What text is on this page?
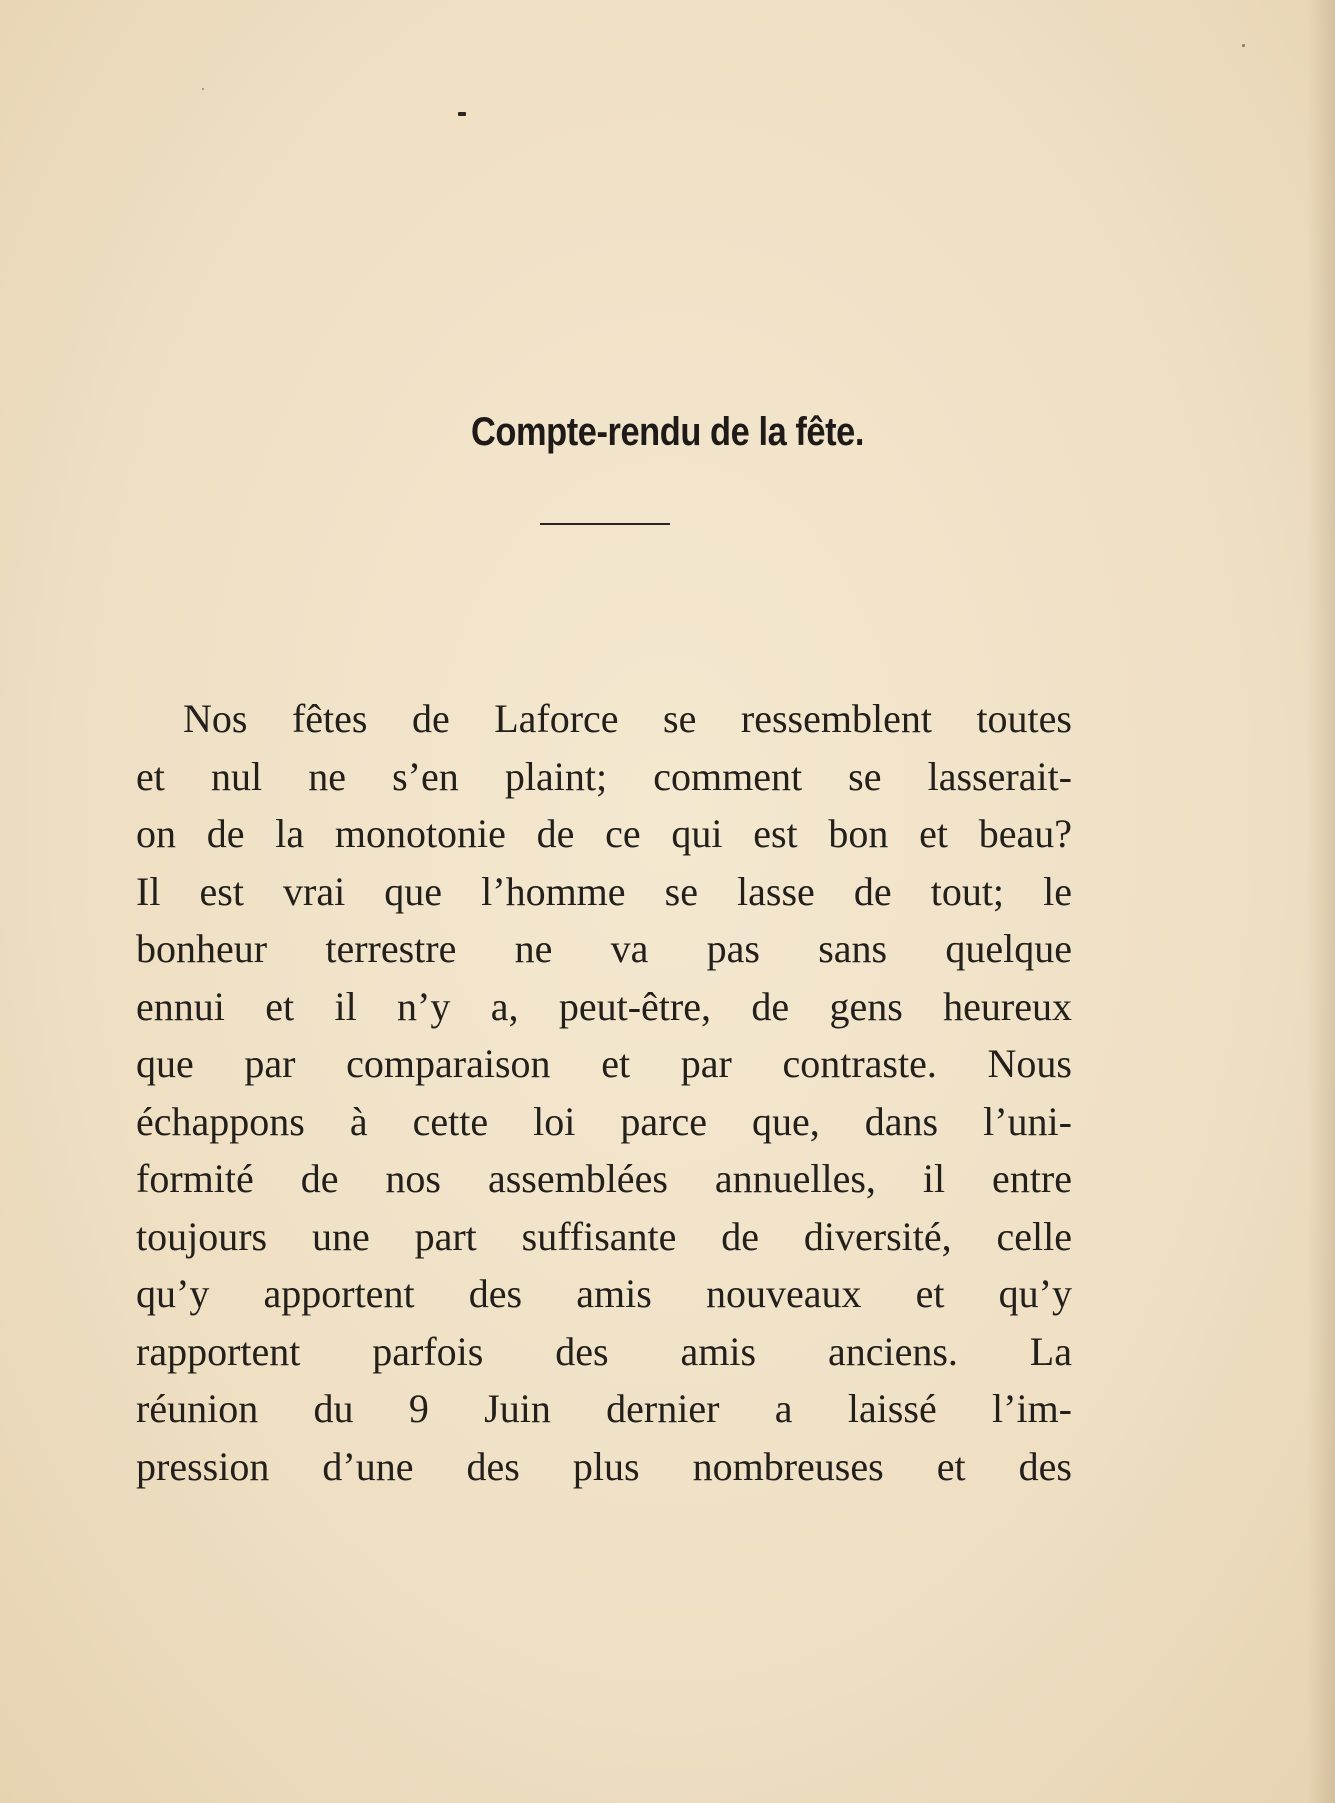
Compte-rendu de la fête.
Nos fêtes de Laforce se ressemblent toutes
et nul ne s’en plaint; comment se lasserait-
on de la monotonie de ce qui est bon et beau?
Il est vrai que l’homme se lasse de tout; le
bonheur terrestre ne va pas sans quelque
ennui et il n’y a, peut-être, de gens heureux
que par comparaison et par contraste. Nous
échappons à cette loi parce que, dans l’uni-
formité de nos assemblées annuelles, il entre
toujours une part suffisante de diversité, celle
qu’y apportent des amis nouveaux et qu’y
rapportent parfois des amis anciens. La
réunion du 9 Juin dernier a laissé l’im-
pression d’une des plus nombreuses et des
